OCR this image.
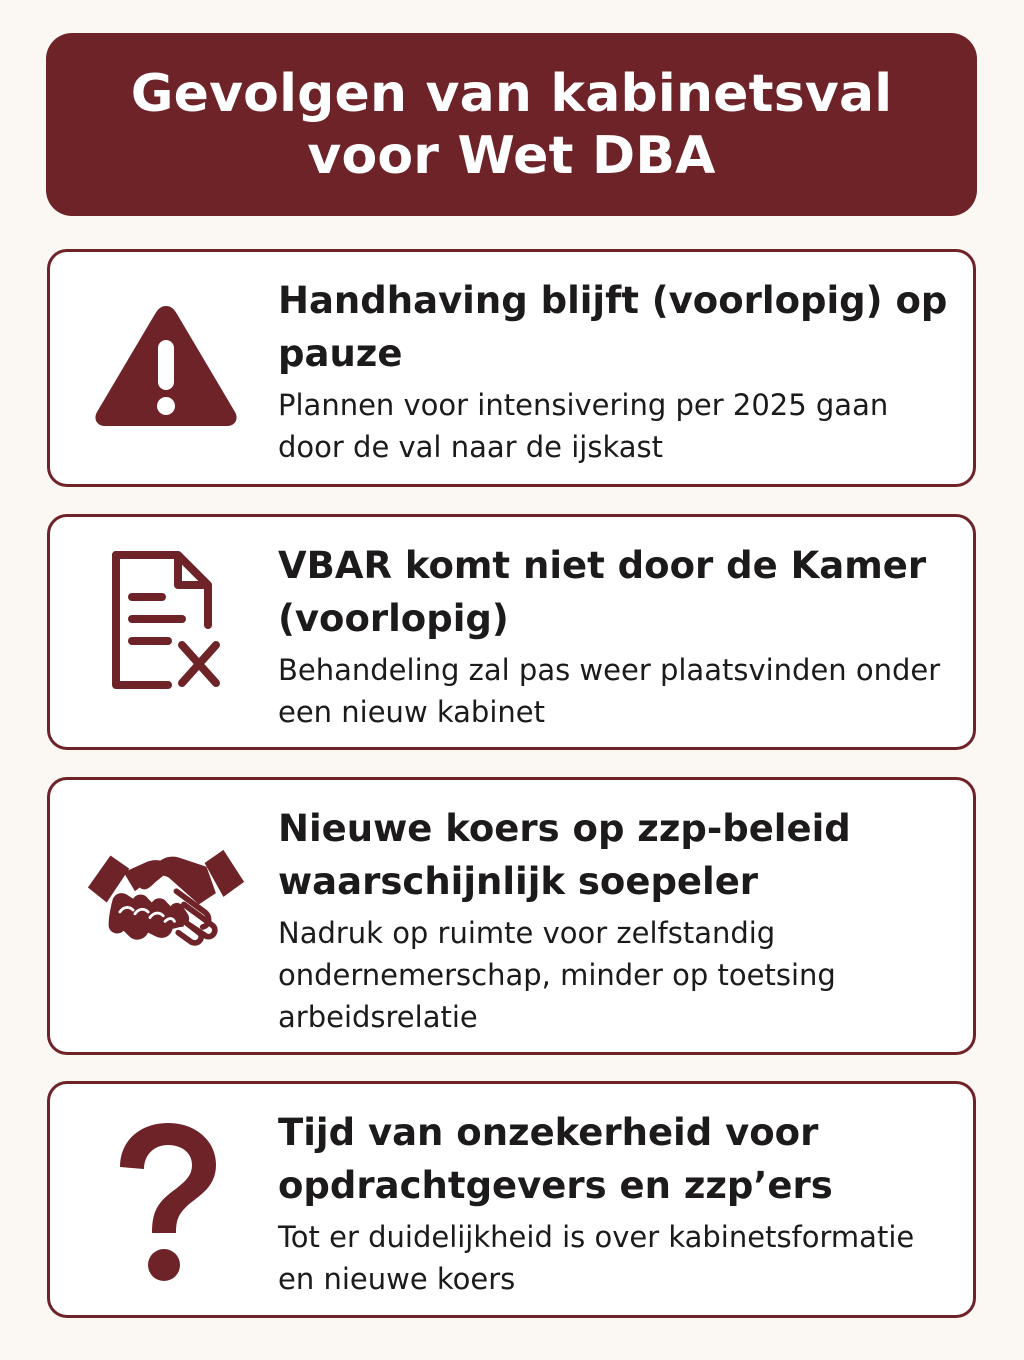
Gevolgen van kabinetsval voor Wet DBA

Handhaving blijft (voorlopig) op pauze

Plannen voor intensivering per 2025 gaan door de val naar de ijskast

VBAR komt niet door de Kamer (voorlopig)

Behandeling zal pas weer plaatsvinden onder een nieuw kabinet

Nieuwe koers op zzp-beleid waarschijnlijk soepeler

Nadruk op ruimte voor zelfstandig ondernemerschap, minder op toetsing arbeidsrelatie

Tijd van onzekerheid voor opdrachtgevers en zzp’ers

Tot er duidelijkheid is over kabinetsformatie en nieuwe koers
